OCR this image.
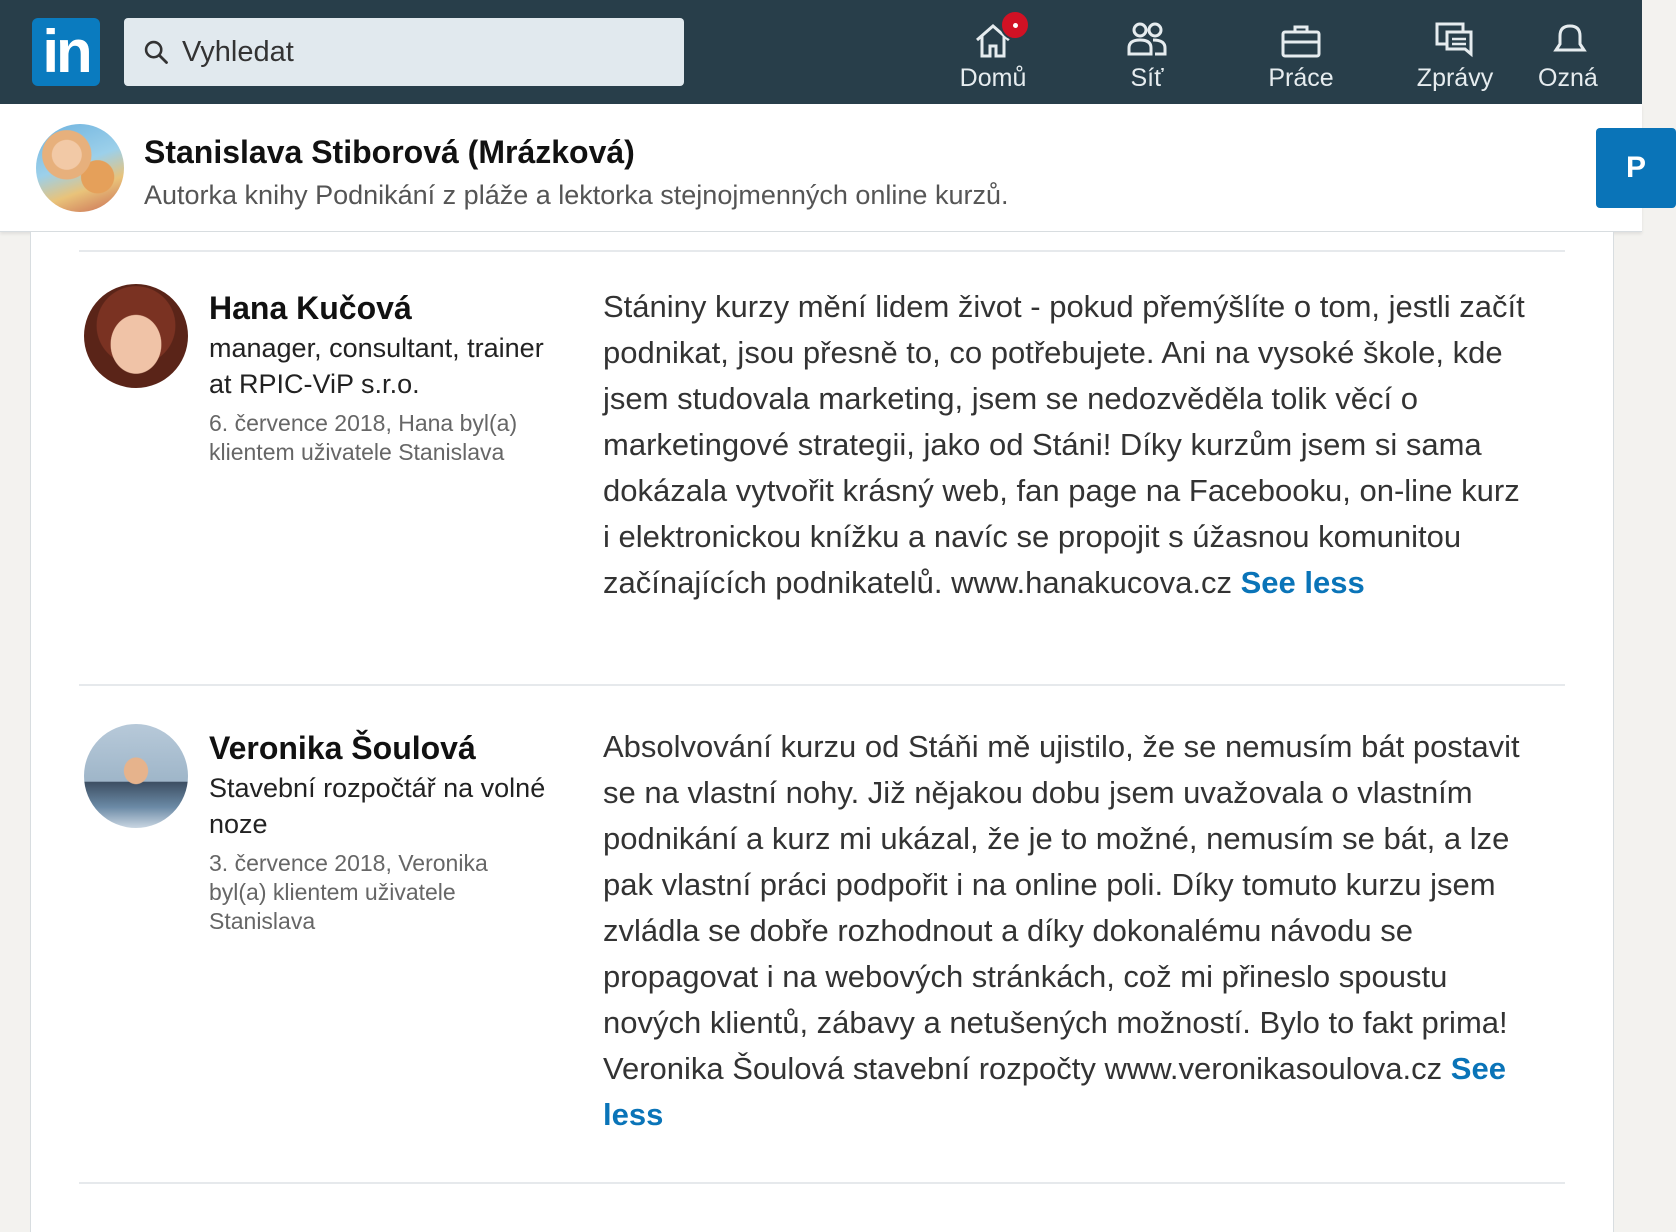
in
Vyhledat	Domů	Síť	Práce	Zprávy	Ozná
Stanislava Stiborová (Mrázková)
Autorka knihy Podnikání z pláže a lektorka stejnojmenných online kurzů.
P
Hana Kučová
manager, consultant, trainer at RPIC-ViP s.r.o.
6. července 2018, Hana byl(a) klientem uživatele Stanislava
Stániny kurzy mění lidem život - pokud přemýšlíte o tom, jestli začít podnikat, jsou přesně to, co potřebujete. Ani na vysoké škole, kde jsem studovala marketing, jsem se nedozvěděla tolik věcí o marketingové strategii, jako od Stáni! Díky kurzům jsem si sama dokázala vytvořit krásný web, fan page na Facebooku, on-line kurz i elektronickou knížku a navíc se propojit s úžasnou komunitou začínajících podnikatelů. www.hanakucova.cz See less
Veronika Šoulová
Stavební rozpočtář na volné noze
3. července 2018, Veronika byl(a) klientem uživatele Stanislava
Absolvování kurzu od Stáňi mě ujistilo, že se nemusím bát postavit se na vlastní nohy. Již nějakou dobu jsem uvažovala o vlastním podnikání a kurz mi ukázal, že je to možné, nemusím se bát, a lze pak vlastní práci podpořit i na online poli. Díky tomuto kurzu jsem zvládla se dobře rozhodnout a díky dokonalému návodu se propagovat i na webových stránkách, což mi přineslo spoustu nových klientů, zábavy a netušených možností. Bylo to fakt prima! Veronika Šoulová stavební rozpočty www.veronikasoulova.cz See less
